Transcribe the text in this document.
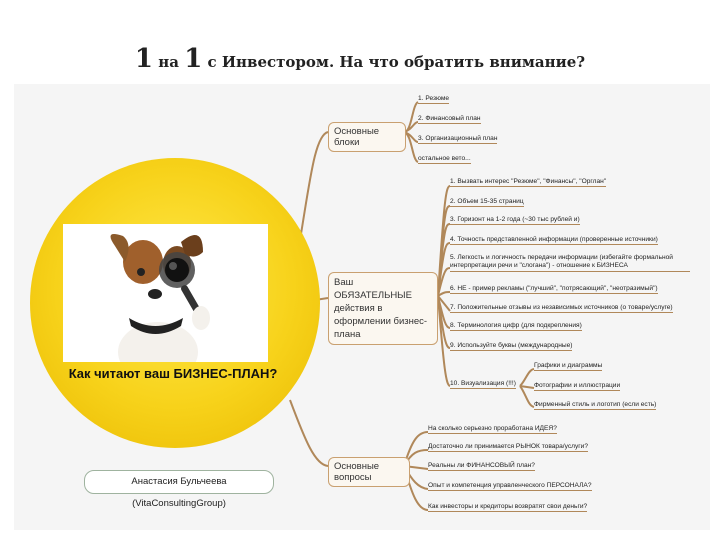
1 на 1 с Инвестором. На что обратить внимание?
Как читают ваш БИЗНЕС-ПЛАН?
Анастасия Бульчеева (VitaConsultingGroup)
Основные блоки
1. Резюме
2. Финансовый план
3. Организационный план
остальное вето...
Ваш ОБЯЗАТЕЛЬНЫЕ действия в оформлении бизнес-плана
1. Вызвать интерес "Резюме", "Финансы", "Орглан"
2. Объем 15-35 страниц
3. Горизонт на 1-2 года (~30 тыс рублей и)
4. Точность представленной информации (проверенные источники)
5. Легкость и логичность передачи информации (избегайте формальной интерпретации речи и "слогана") - отношение к БИЗНЕСА
6. НЕ - пример рекламы ("лучший", "потрясающий", "неотразимый")
7. Положительные отзывы из независимых источников (о товаре/услуге)
8. Терминология цифр (для подкрепления)
9. Используйте буквы (международные)
10. Визуализация (!!!)
Графики и диаграммы
Фотографии и иллюстрации
Фирменный стиль и логотип (если есть)
Основные вопросы
На сколько серьезно проработана ИДЕЯ?
Достаточно ли принимается РЫНОК товара/услуги?
Реальны ли ФИНАНСОВЫЙ план?
Опыт и компетенция управленческого ПЕРСОНАЛА?
Как инвесторы и кредиторы возвратят свои деньги?
